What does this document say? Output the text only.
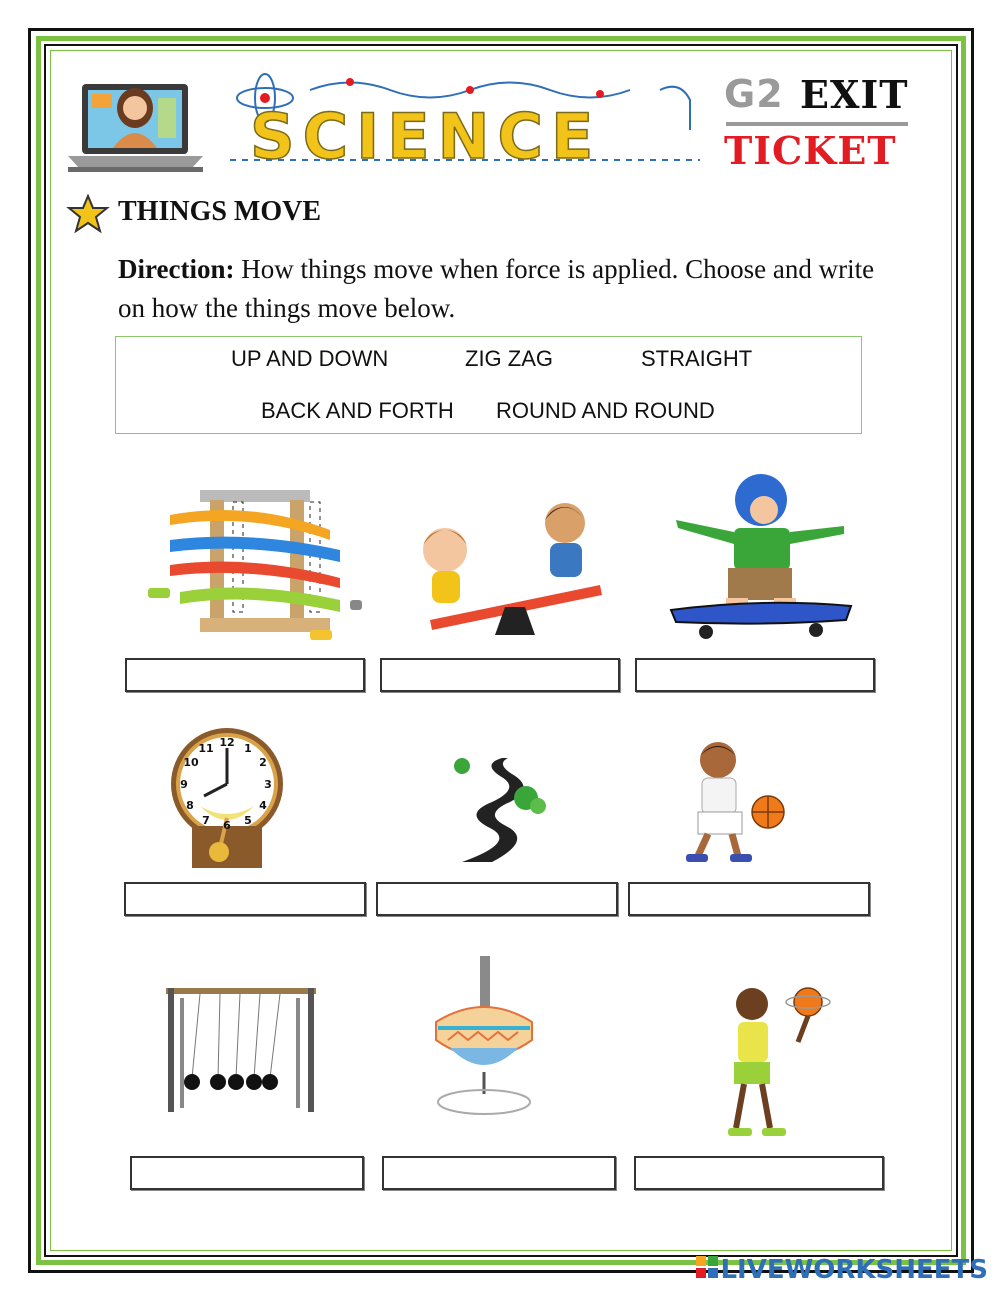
SCIENCE
G2 EXIT
TICKET
THINGS MOVE
Direction: How things move when force is applied. Choose and write on how the things move below.
UP AND DOWN	ZIG ZAG	STRAIGHT
BACK AND FORTH ROUND AND ROUND
12 1
2
3
4
5
6
7
8
9
10
11
LIVEWORKSHEETS
